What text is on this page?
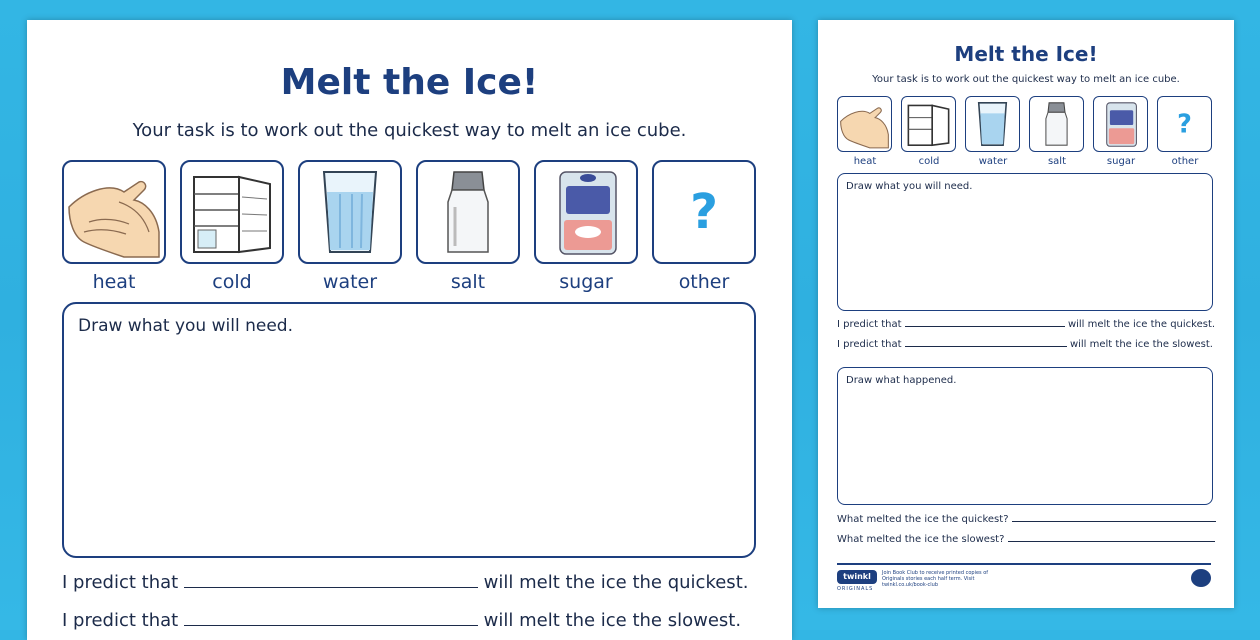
Melt the Ice!
Your task is to work out the quickest way to melt an ice cube.
heat	cold	water	salt	sugar
?
other
Draw what you will need.
I predict that	will melt the ice the quickest.
I predict that	will melt the ice the slowest.
Melt the Ice!
Your task is to work out the quickest way to melt an ice cube.
heat	cold	water	salt	sugar
?
other
Draw what you will need.
I predict that	will melt the ice the quickest.
I predict that	will melt the ice the slowest.
Draw what happened.
What melted the ice the quickest?
What melted the ice the slowest?
twinkl
ORIGINALS
Join Book Club to receive printed copies of Originals stories each half term. Visit twinkl.co.uk/book-club
